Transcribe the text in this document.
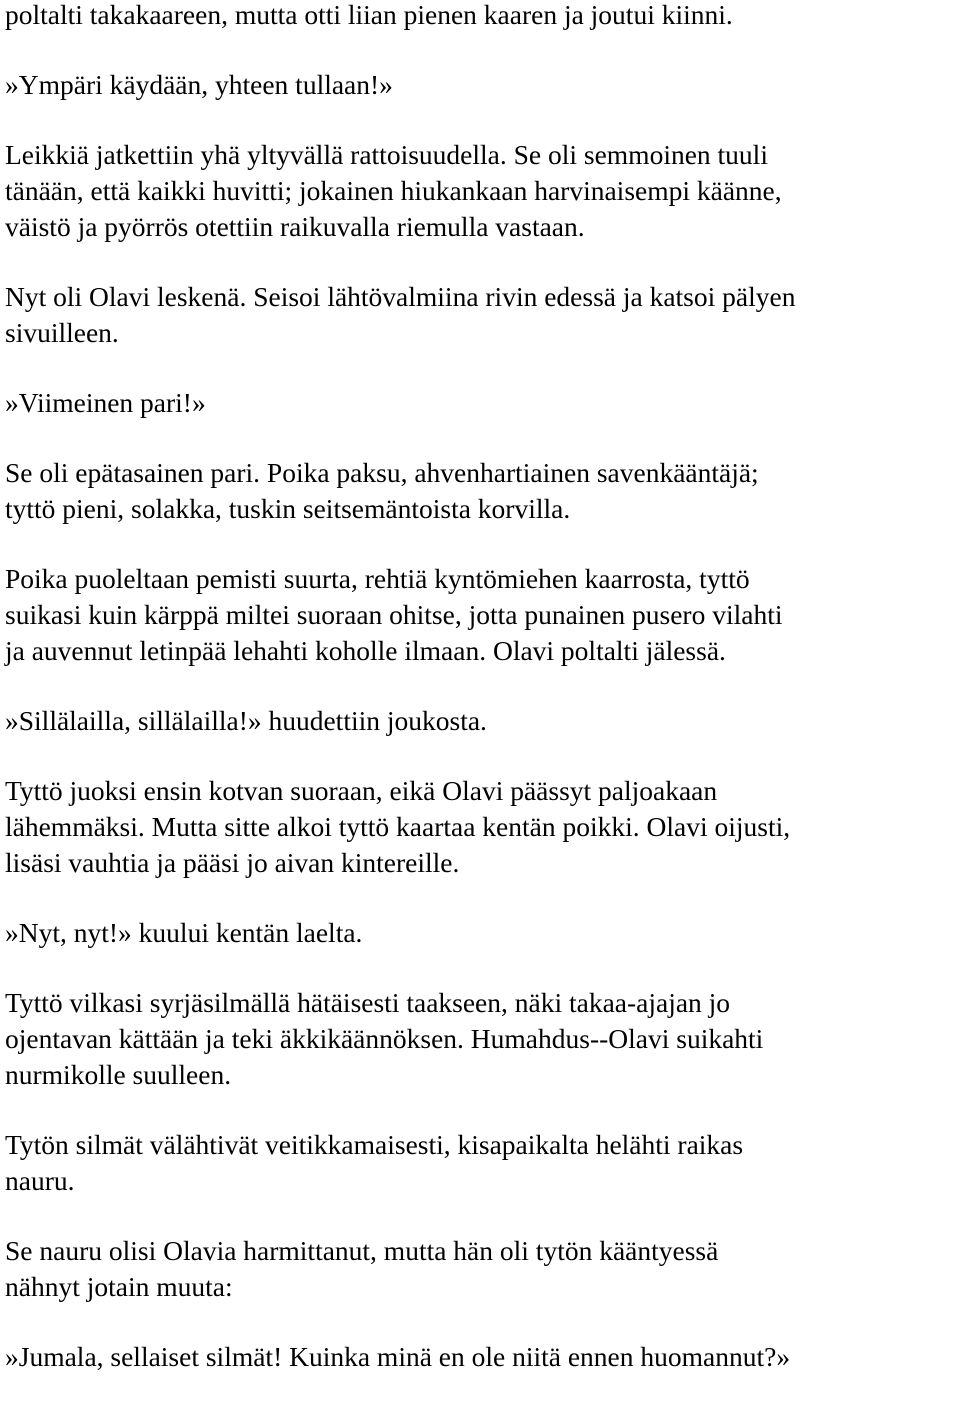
poltalti takakaareen, mutta otti liian pienen kaaren ja joutui kiinni.

»Ympäri käydään, yhteen tullaan!»

Leikkiä jatkettiin yhä yltyvällä rattoisuudella. Se oli semmoinen tuuli
tänään, että kaikki huvitti; jokainen hiukankaan harvinaisempi käänne,
väistö ja pyörrös otettiin raikuvalla riemulla vastaan.

Nyt oli Olavi leskenä. Seisoi lähtövalmiina rivin edessä ja katsoi pälyen
sivuilleen.

»Viimeinen pari!»

Se oli epätasainen pari. Poika paksu, ahvenhartiainen savenkääntäjä;
tyttö pieni, solakka, tuskin seitsemäntoista korvilla.

Poika puoleltaan pemisti suurta, rehtiä kyntömiehen kaarrosta, tyttö
suikasi kuin kärppä miltei suoraan ohitse, jotta punainen pusero vilahti
ja auvennut letinpää lehahti koholle ilmaan. Olavi poltalti jälessä.

»Sillälailla, sillälailla!» huudettiin joukosta.

Tyttö juoksi ensin kotvan suoraan, eikä Olavi päässyt paljoakaan
lähemmäksi. Mutta sitte alkoi tyttö kaartaa kentän poikki. Olavi oijusti,
lisäsi vauhtia ja pääsi jo aivan kintereille.

»Nyt, nyt!» kuului kentän laelta.

Tyttö vilkasi syrjäsilmällä hätäisesti taakseen, näki takaa-ajajan jo
ojentavan kättään ja teki äkkikäännöksen. Humahdus--Olavi suikahti
nurmikolle suulleen.

Tytön silmät välähtivät veitikkamaisesti, kisapaikalta helähti raikas
nauru.

Se nauru olisi Olavia harmittanut, mutta hän oli tytön kääntyessä
nähnyt jotain muuta:

»Jumala, sellaiset silmät! Kuinka minä en ole niitä ennen huomannut?»
